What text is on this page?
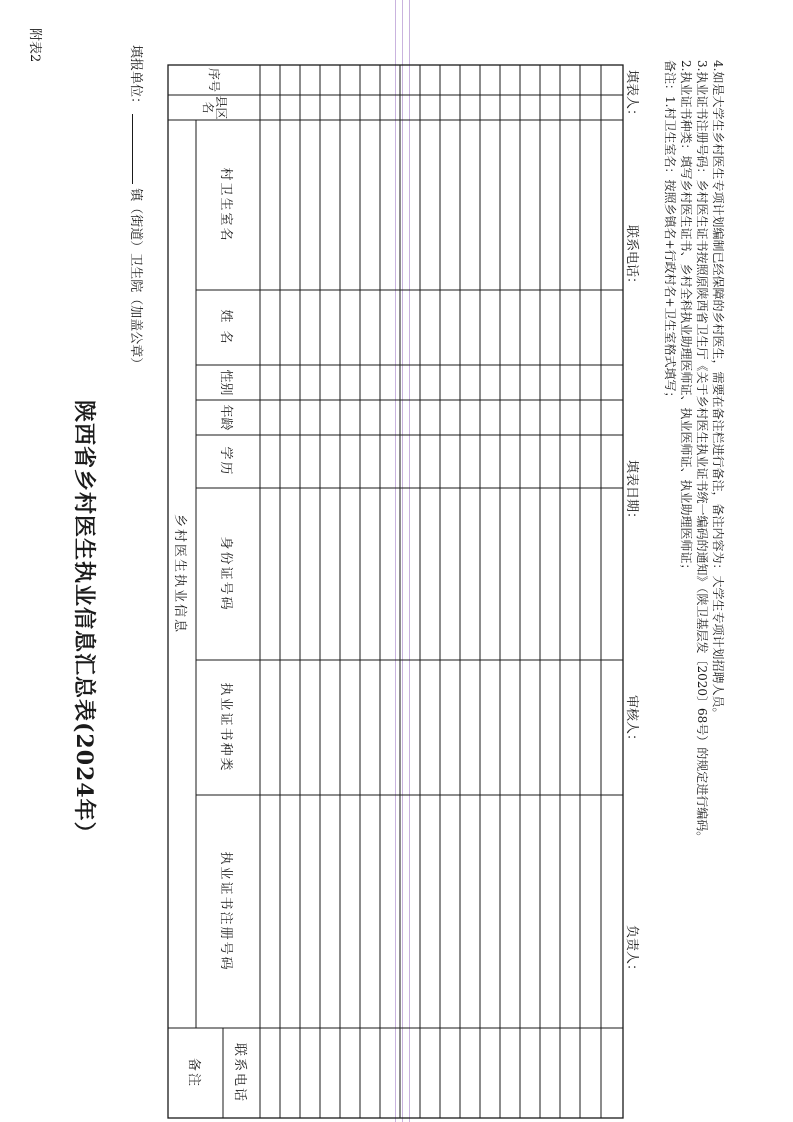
附表2
陕西省乡村医生执业信息汇总表(2024年）
填报单位：  镇（街道）卫生院（加盖公章）
序号
县区名
乡村医生执业信息
村卫生室名
姓 名
性别
年龄
学历
身份证号码
执业证书种类
执业证书注册号码
联系电话
备注
填表人：
联系电话：
填表日期：
审核人：
负责人：
备注：1.村卫生室名：按照乡镇名+行政村名+卫生室格式填写； 2.执业证书种类：填写乡村医生证书、乡村全科执业助理医师证、执业医师证、执业助理医师证； 3.执业证书注册号码：乡村医生证书按照原陕西省卫生厅《关于乡村医生执业证书统一编码的通知》（陕卫基层发〔2020〕68号）的规定进行编码。 4.如是大学生乡村医生专项计划编制已经保障的乡村医生，需要在备注栏进行备注，备注内容为：大学生专项计划招聘人员。
